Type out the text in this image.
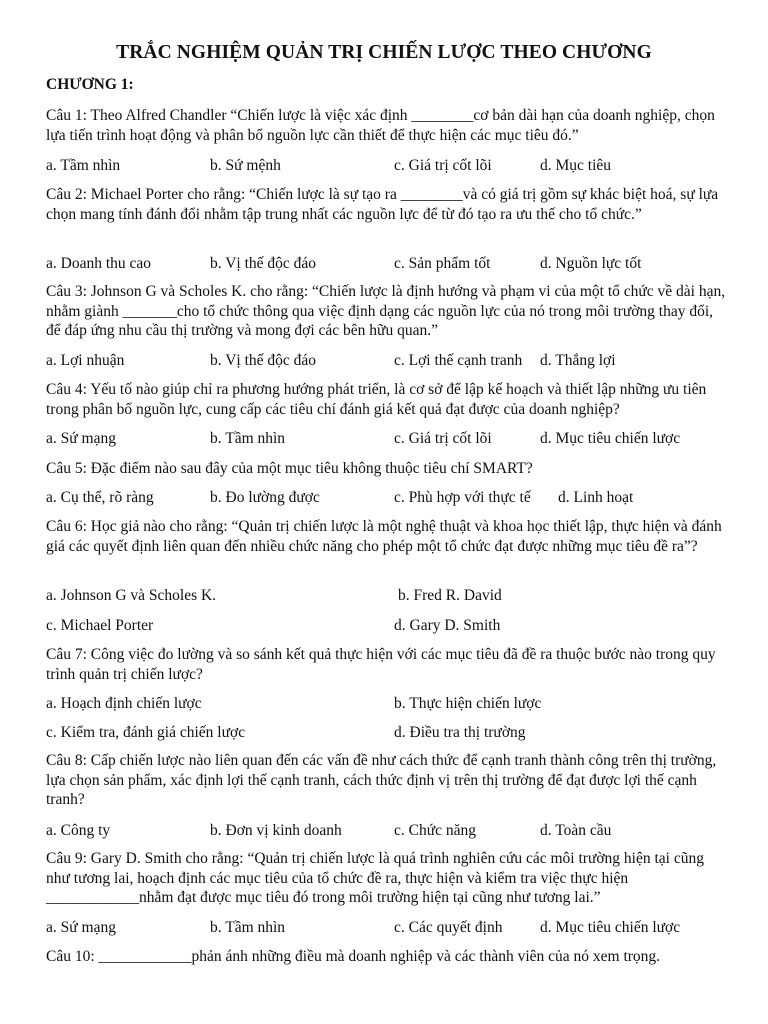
TRẮC NGHIỆM QUẢN TRỊ CHIẾN LƯỢC THEO CHƯƠNG
CHƯƠNG 1:
Câu 1: Theo Alfred Chandler “Chiến lược là việc xác định ________cơ bản dài hạn của doanh nghiệp, chọn lựa tiến trình hoạt động và phân bổ nguồn lực cần thiết để thực hiện các mục tiêu đó.”
a. Tầm nhìn	b. Sứ mệnh	c. Giá trị cốt lõi	d. Mục tiêu
Câu 2: Michael Porter cho rằng: “Chiến lược là sự tạo ra ________và có giá trị gồm sự khác biệt hoá, sự lựa chọn mang tính đánh đổi nhằm tập trung nhất các nguồn lực để từ đó tạo ra ưu thế cho tổ chức.”
a. Doanh thu cao	b. Vị thế độc đáo	c. Sản phẩm tốt	d. Nguồn lực tốt
Câu 3: Johnson G và Scholes K. cho rằng: “Chiến lược là định hướng và phạm vi của một tổ chức về dài hạn, nhằm giành _______cho tổ chức thông qua việc định dạng các nguồn lực của nó trong môi trường thay đổi, để đáp ứng nhu cầu thị trường và mong đợi các bên hữu quan.”
a. Lợi nhuận	b. Vị thế độc đáo	c. Lợi thế cạnh tranh d. Thắng lợi
Câu 4: Yếu tố nào giúp chỉ ra phương hướng phát triển, là cơ sở để lập kế hoạch và thiết lập những ưu tiên trong phân bổ nguồn lực, cung cấp các tiêu chí đánh giá kết quả đạt được của doanh nghiệp?
a. Sứ mạng	b. Tầm nhìn	c. Giá trị cốt lõi	d. Mục tiêu chiến lược
Câu 5: Đặc điểm nào sau đây của một mục tiêu không thuộc tiêu chí SMART?
a. Cụ thể, rõ ràng	b. Đo lường được	c. Phù hợp với thực tế d. Linh hoạt
Câu 6: Học giả nào cho rằng: “Quản trị chiến lược là một nghệ thuật và khoa học thiết lập, thực hiện và đánh giá các quyết định liên quan đến nhiều chức năng cho phép một tổ chức đạt được những mục tiêu đề ra”?
a. Johnson G và Scholes K.	b. Fred R. David
c. Michael Porter	d. Gary D. Smith
Câu 7: Công việc đo lường và so sánh kết quả thực hiện với các mục tiêu đã đề ra thuộc bước nào trong quy trình quản trị chiến lược?
a. Hoạch định chiến lược	b. Thực hiện chiến lược
c. Kiểm tra, đánh giá chiến lược	d. Điều tra thị trường
Câu 8: Cấp chiến lược nào liên quan đến các vấn đề như cách thức để cạnh tranh thành công trên thị trường, lựa chọn sản phẩm, xác định lợi thế cạnh tranh, cách thức định vị trên thị trường để đạt được lợi thế cạnh tranh?
a. Công ty	b. Đơn vị kinh doanh	c. Chức năng	d. Toàn cầu
Câu 9: Gary D. Smith cho rằng: “Quản trị chiến lược là quá trình nghiên cứu các môi trường hiện tại cũng như tương lai, hoạch định các mục tiêu của tổ chức đề ra, thực hiện và kiểm tra việc thực hiện ____________nhằm đạt được mục tiêu đó trong môi trường hiện tại cũng như tương lai.”
a. Sứ mạng	b. Tầm nhìn	c. Các quyết định d. Mục tiêu chiến lược
Câu 10: ____________phản ánh những điều mà doanh nghiệp và các thành viên của nó xem trọng.
